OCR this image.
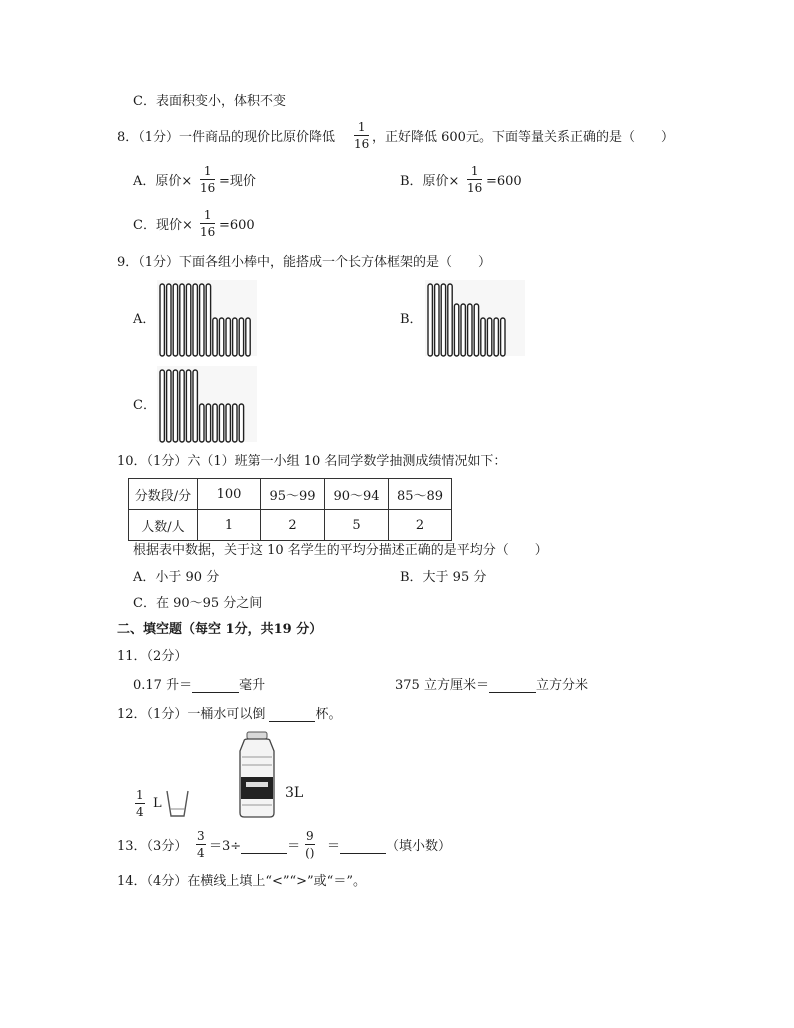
C．表面积变小，体积不变
8．（1分）一件商品的现价比原价降低
1
16 ，正好降低 600元。下面等量关系正确的是（　　）
A．原价×
1
16 =现价	B．原价×
1
16 =600
C．现价×
1
16 =600
9．（1分）下面各组小棒中，能搭成一个长方体框架的是（　　）
A．	B．
C．
10．（1分）六（1）班第一小组 10 名同学数学抽测成绩情况如下：
分数段/分	100	95～99	90～94	85～89
人数/人	1	2	5	2
根据表中数据，关于这 10 名学生的平均分描述正确的是平均分（　　）
A．小于 90 分	B．大于 95 分
C．在 90～95 分之间
二、填空题（每空 1分，共19 分）
11．（2分）
0.17 升＝	毫升	375 立方厘米＝	立方分米
12．（1分）一桶水可以倒	杯。
1
4
L
3L
13．（3分）
3
4 ＝3÷	＝
9
() ＝	（填小数）
14．（4分）在横线上填上“<”“>”或“＝”。
